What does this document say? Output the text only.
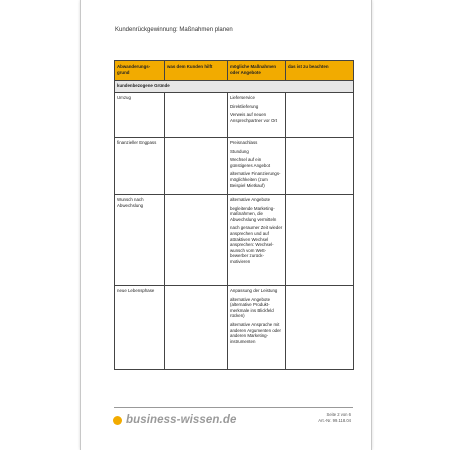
Kundenrückgewinnung: Maßnahmen planen
Abwanderungs-grund	was dem Kunden hilft	mögliche Maßnahmen oder Angebote	das ist zu beachten
kundenbezogene Gründe			
Umzug		Lieferservice
Direktlieferung
Verweis auf neuen Ansprechpartner vor Ort	

finanzieller Engpass		Preisnachlass
Stundung
Wechsel auf ein günstigeres Angebot
alternative Finanzierungs-möglichkeiten (zum Beispiel Mietkauf)	

Wunsch nach Abwechslung		alternative Angebote
begleitende Marketing-maßnahmen, die Abwechslung vermitteln
nach geraumer Zeit wieder ansprechen und auf attraktiven Wechsel ansprechen: Wechsel-wunsch vom Wett-bewerber zurück-motivieren	

neue Lebensphase		Anpassung der Leistung
alternative Angebote (alternative Produkt-merkmale ins Blickfeld rücken)
alternative Ansprache mit anderen Argumenten oder anderen Marketing-instrumenten	

business-wissen.de	Seite 2 von 6
Art.-Nr. 99.118.04
